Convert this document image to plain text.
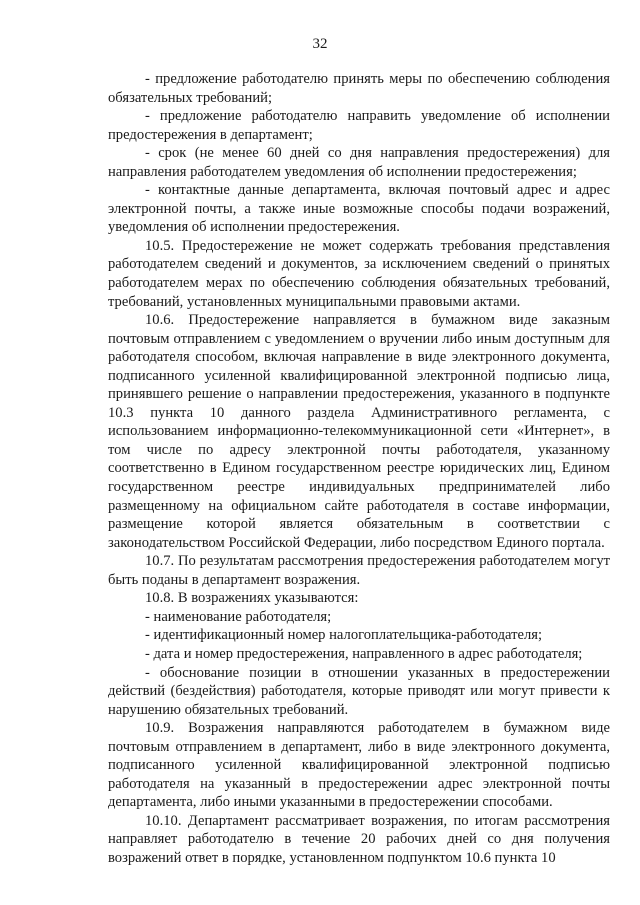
32

- предложение работодателю принять меры по обеспечению соблюдения обязательных требований;

- предложение работодателю направить уведомление об исполнении предостережения в департамент;

- срок (не менее 60 дней со дня направления предостережения) для направления работодателем уведомления об исполнении предостережения;

- контактные данные департамента, включая почтовый адрес и адрес электронной почты, а также иные возможные способы подачи возражений, уведомления об исполнении предостережения.

10.5. Предостережение не может содержать требования представления работодателем сведений и документов, за исключением сведений о принятых работодателем мерах по обеспечению соблюдения обязательных требований, требований, установленных муниципальными правовыми актами.

10.6. Предостережение направляется в бумажном виде заказным почтовым отправлением с уведомлением о вручении либо иным доступным для работодателя способом, включая направление в виде электронного документа, подписанного усиленной квалифицированной электронной подписью лица, принявшего решение о направлении предостережения, указанного в подпункте 10.3 пункта 10 данного раздела Административного регламента, с использованием информационно-телекоммуникационной сети «Интернет», в том числе по адресу электронной почты работодателя, указанному соответственно в Едином государственном реестре юридических лиц, Едином государственном реестре индивидуальных предпринимателей либо размещенному на официальном сайте работодателя в составе информации, размещение которой является обязательным в соответствии с законодательством Российской Федерации, либо посредством Единого портала.

10.7. По результатам рассмотрения предостережения работодателем могут быть поданы в департамент возражения.

10.8. В возражениях указываются:

- наименование работодателя;

- идентификационный номер налогоплательщика-работодателя;

- дата и номер предостережения, направленного в адрес работодателя;

- обоснование позиции в отношении указанных в предостережении действий (бездействия) работодателя, которые приводят или могут привести к нарушению обязательных требований.

10.9. Возражения направляются работодателем в бумажном виде почтовым отправлением в департамент, либо в виде электронного документа, подписанного усиленной квалифицированной электронной подписью работодателя на указанный в предостережении адрес электронной почты департамента, либо иными указанными в предостережении способами.

10.10. Департамент рассматривает возражения, по итогам рассмотрения направляет работодателю в течение 20 рабочих дней со дня получения возражений ответ в порядке, установленном подпунктом 10.6 пункта 10
